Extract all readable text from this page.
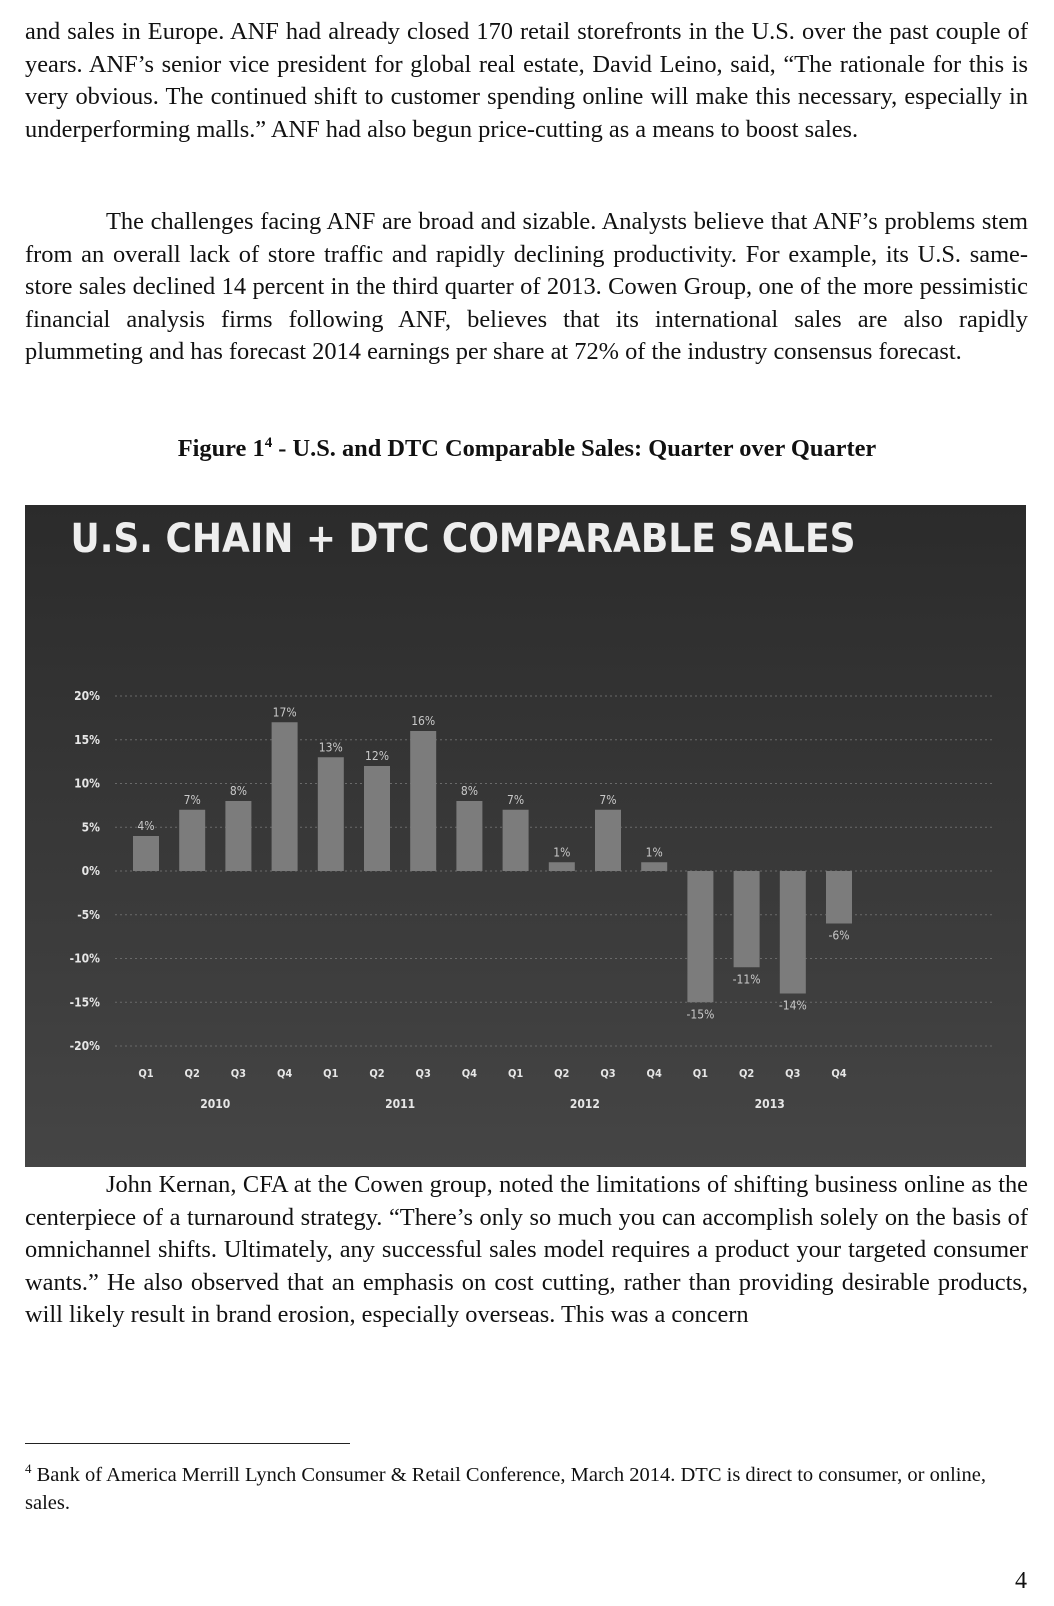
and sales in Europe. ANF had already closed 170 retail storefronts in the U.S. over the past couple of years. ANF’s senior vice president for global real estate, David Leino, said, “The rationale for this is very obvious. The continued shift to customer spending online will make this necessary, especially in underperforming malls.” ANF had also begun price-cutting as a means to boost sales.

The challenges facing ANF are broad and sizable. Analysts believe that ANF’s problems stem from an overall lack of store traffic and rapidly declining productivity. For example, its U.S. same-store sales declined 14 percent in the third quarter of 2013. Cowen Group, one of the more pessimistic financial analysis firms following ANF, believes that its international sales are also rapidly plummeting and has forecast 2014 earnings per share at 72% of the industry consensus forecast.

Figure $1^4 - U.S$. and DTC Comparable Sales: Quarter over Quarter
U.S. CHAIN + DTC COMPARABLE SALES
20%
15%
10%
5%
0%
-5%
-10%
-15%
-20%
4%
7%
8%
17%
13%
12%
16%
8%
7%
1%
7%
1%
-15%
-11%
-14%
-6%
Q1	Q2	Q3	Q4	Q1	Q2	Q3	Q4	Q1	Q2	Q3	Q4	Q1	Q2	Q3	Q4
2010	2011	2012	2013

John Kernan, CFA at the Cowen group, noted the limitations of shifting business online as the centerpiece of a turnaround strategy. “There’s only so much you can accomplish solely on the basis of omnichannel shifts. Ultimately, any successful sales model requires a product your targeted consumer wants.” He also observed that an emphasis on cost cutting, rather than providing desirable products, will likely result in brand erosion, especially overseas. This was a concern

$^4$ Bank of America Merrill Lynch Consumer & Retail Conference, March 2014. DTC is direct to consumer, or online, sales.

4
